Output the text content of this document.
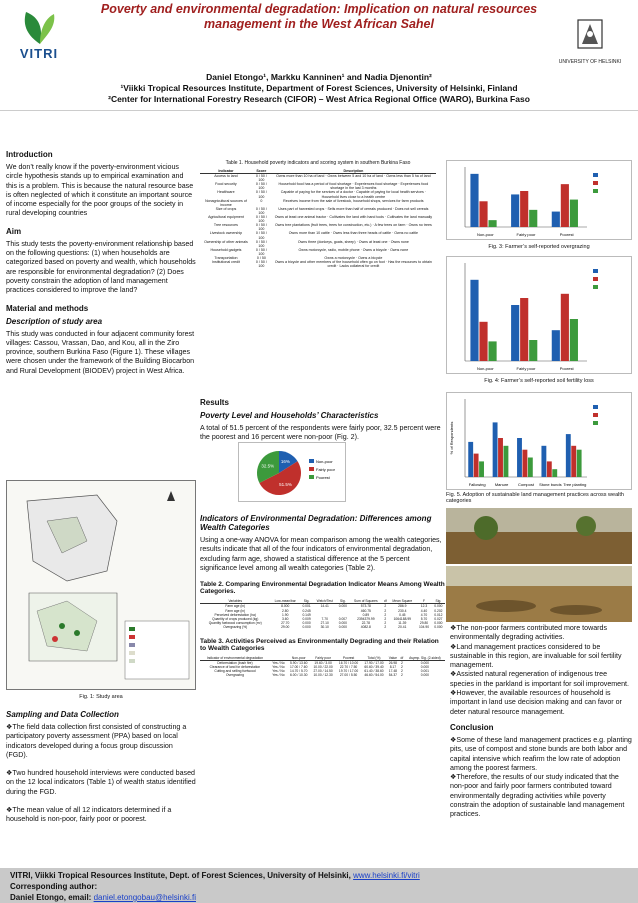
VITRI
Poverty and environmental degradation: Implication on natural resources management in the West African Sahel
UNIVERSITY OF HELSINKI
Daniel Etongo¹, Markku Kanninen¹ and Nadia Djenontin²
¹Viikki Tropical Resources Institute, Department of Forest Sciences, University of Helsinki, Finland
²Center for International Forestry Research (CIFOR) – West Africa Regional Office (WARO), Burkina Faso
Introduction
We don’t really know if the poverty-environment vicious circle hypothesis stands up to empirical examination and this is a problem. This is because the natural resource base is often neglected of which it constitute an important source of income especially for the poor groups of the society in rural developing countries
Aim
This study tests the poverty-environment relationship based on the following questions: (1) when households are categorized based on poverty and wealth, which households are responsible for environmental degradation? (2) Does poverty constrain the adoption of land management practices considered to improve the land?
Material and methods
Description of study area
This study was conducted in four adjacent community forest villages: Cassou, Vrassan, Dao, and Kou, all in the Ziro province, southern Burkina Faso (Figure 1). These villages were chosen under the framework of the Building Biocarbon and Rural Development (BIODEV) project in West Africa.
Fig. 1: Study area
Sampling and Data Collection
❖The field data collection first consisted of constructing a participatory poverty assessment (PPA) based on local indicators developed during a focus group discussion (FGD).
❖Two hundred household interviews were conducted based on the 12 local indicators (Table 1) of wealth status identified during the FGD.
❖The mean value of all 12 indicators determined if a household is non-poor, fairly poor or poorest.
Table 1. Household poverty indicators and scoring system in southern Burkina Faso
Indicator	Score	Description
Access to land	0 / 50 / 100	Owns more than 10 ha of land · Owns between 5 and 10 ha of land · Owns less than 5 ha of land
Food security	0 / 50 / 100	Household food has a period of food shortage · Experiences food shortage · Experiences food shortage in the last 3 months
Healthcare	0 / 50 / 100	Capable of paying for the services of a doctor · Capable of paying for local health services · Household lives close to a health centre
Nonagricultural sources of income	0	Receives income from the sale of livestock, household shops, services for farm products
Size of crops	0 / 50 / 100	Uses part of harvested crops · Sells more than half of cereals produced · Does not sell cereals
Agricultural equipment	0 / 50 / 100	Owns at least one animal tractor · Cultivates the land with hand tools · Cultivates the land manually
Tree resources	0 / 50 / 100	Owns tree plantations (fruit trees, trees for construction, etc.) · A few trees on farm · Owns no trees
Livestock ownership	0 / 50 / 100	Owns more than 10 cattle · Owns less than three heads of cattle · Owns no cattle
Ownership of other animals	0 / 50 / 100	Owns three (donkeys, goats, sheep) · Owns at least one · Owns none
Household gadgets	0 / 50 / 100	Owns motorcycle, radio, mobile phone · Owns a bicycle · Owns none
Transportation	0 / 50	Owns a motorcycle · Owns a bicycle
Institutional credit	0 / 50 / 100	Owns a bicycle and other members of the household often go on foot · Has the resources to obtain credit · Lacks collateral for credit
Non-poor	Fairly poor	Poorest
Fig. 3: Farmer’s self-reported overgrazing
Non-poor	Fairly poor	Poorest
Fig. 4: Farmer’s self-reported soil fertility loss
Fallowing Manure Compost Stone bunds Tree planting
% of Respondents
Fig. 5. Adoption of sustainable land management practices across wealth categories
Results
Poverty Level and Households’ Characteristics
A total of 51.5 percent of the respondents were fairly poor, 32.5 percent were the poorest and 16 percent were non-poor (Fig. 2).
16%	Non-poor
51.5%
Fairly poor
32.5%
Poorest
Indicators of Environmental Degradation: Differences among Wealth Categories
Using a one-way ANOVA for mean comparison among the wealth categories, results indicate that all of the four indicators of environmental degradation, excluding farm age, showed a statistical difference at the 5 percent significance level among all wealth categories (Table 2).
Table 2. Comparing Environmental Degradation Indicator Means Among Wealth Categories.
Variables	Low-mean/bar	Sig.	Welch/Test	Sig.	Sum of Squares	df	Mean Square	F	Sig.
Farm age (in)	8.000	0.001	14.41	0.000	573.78	2	286.9	12.3	0.000
Farm age (in)	2.80	0.245			460.75	2	230.4	4.40	0.202
Perceived deforestation (ha)	1.90	0.149			0.89	2	0.45	4.70	0.012
Quantity of crops produced (kg)	3.60	0.009	7.70	0.007	2394379.99	2	1064188.99	5.70	0.027
Quantity fuelwood consumption (m³)	27.70	0.000	27.10	0.000	22.78	2	11.39	29.80	0.000
Overgrazing (%)	29.00	0.000	30.10	0.000	4082.8	2	20.41	104.90	0.000
Table 3. Activities Perceived as Environmentally Degrading and their Relation to Wealth Categories
Indicator of environmental degradation		Non-poor	Fairly poor	Poorest	Total (%)	Value	df	Asymp. Sig. (2-sided)
Deforestation (bush fire)	Yes / No	5.90 / 13.60	19.60 / 3.00	16.70 / 10.00	17.90 / 17.00	26.98	2	0.000
Clearance of land for deforestation	Yes / No	17.00 / 7.60	10.00 / 22.00	22.70 / 7.50	60.60 / 39.40	8.17	2	0.000
Cutting and selling fuelwood	Yes / No	14.70 / 5.70	27.00 / 14.50	19.70 / 17.00	61.40 / 38.60	17.48	2	0.001
Overgrazing	Yes / No	6.00 / 10.30	10.00 / 12.30	27.00 / 5.50	46.60 / 54.00	54.37	2	0.000
❖The non-poor farmers contributed more towards environmentally degrading activities.
❖Land management practices considered to be sustainable in this region, are invaluable for soil fertility management.
❖Assisted natural regeneration of indigenous tree species in the parkland is important for soil improvement.
❖However, the available resources of household is important in land use decision making and can favor or deter natural resource management.
Conclusion
❖Some of these land management practices e.g. planting pits, use of compost and stone bunds are both labor and capital intensive which reafirm the low rate of adoption among the poorest farmers.
❖Therefore, the results of our study indicated that the non-poor and fairly poor farmers contributed toward environmentally degrading activities while poverty constrain the adoption of sustainable land management practices.
VITRI, Viikki Tropical Resources Institute, Dept. of Forest Sciences, University of Helsinki, www.helsinki.fi/vitri
Corresponding author:
Daniel Etongo, email: daniel.etongobau@helsinki.fi
